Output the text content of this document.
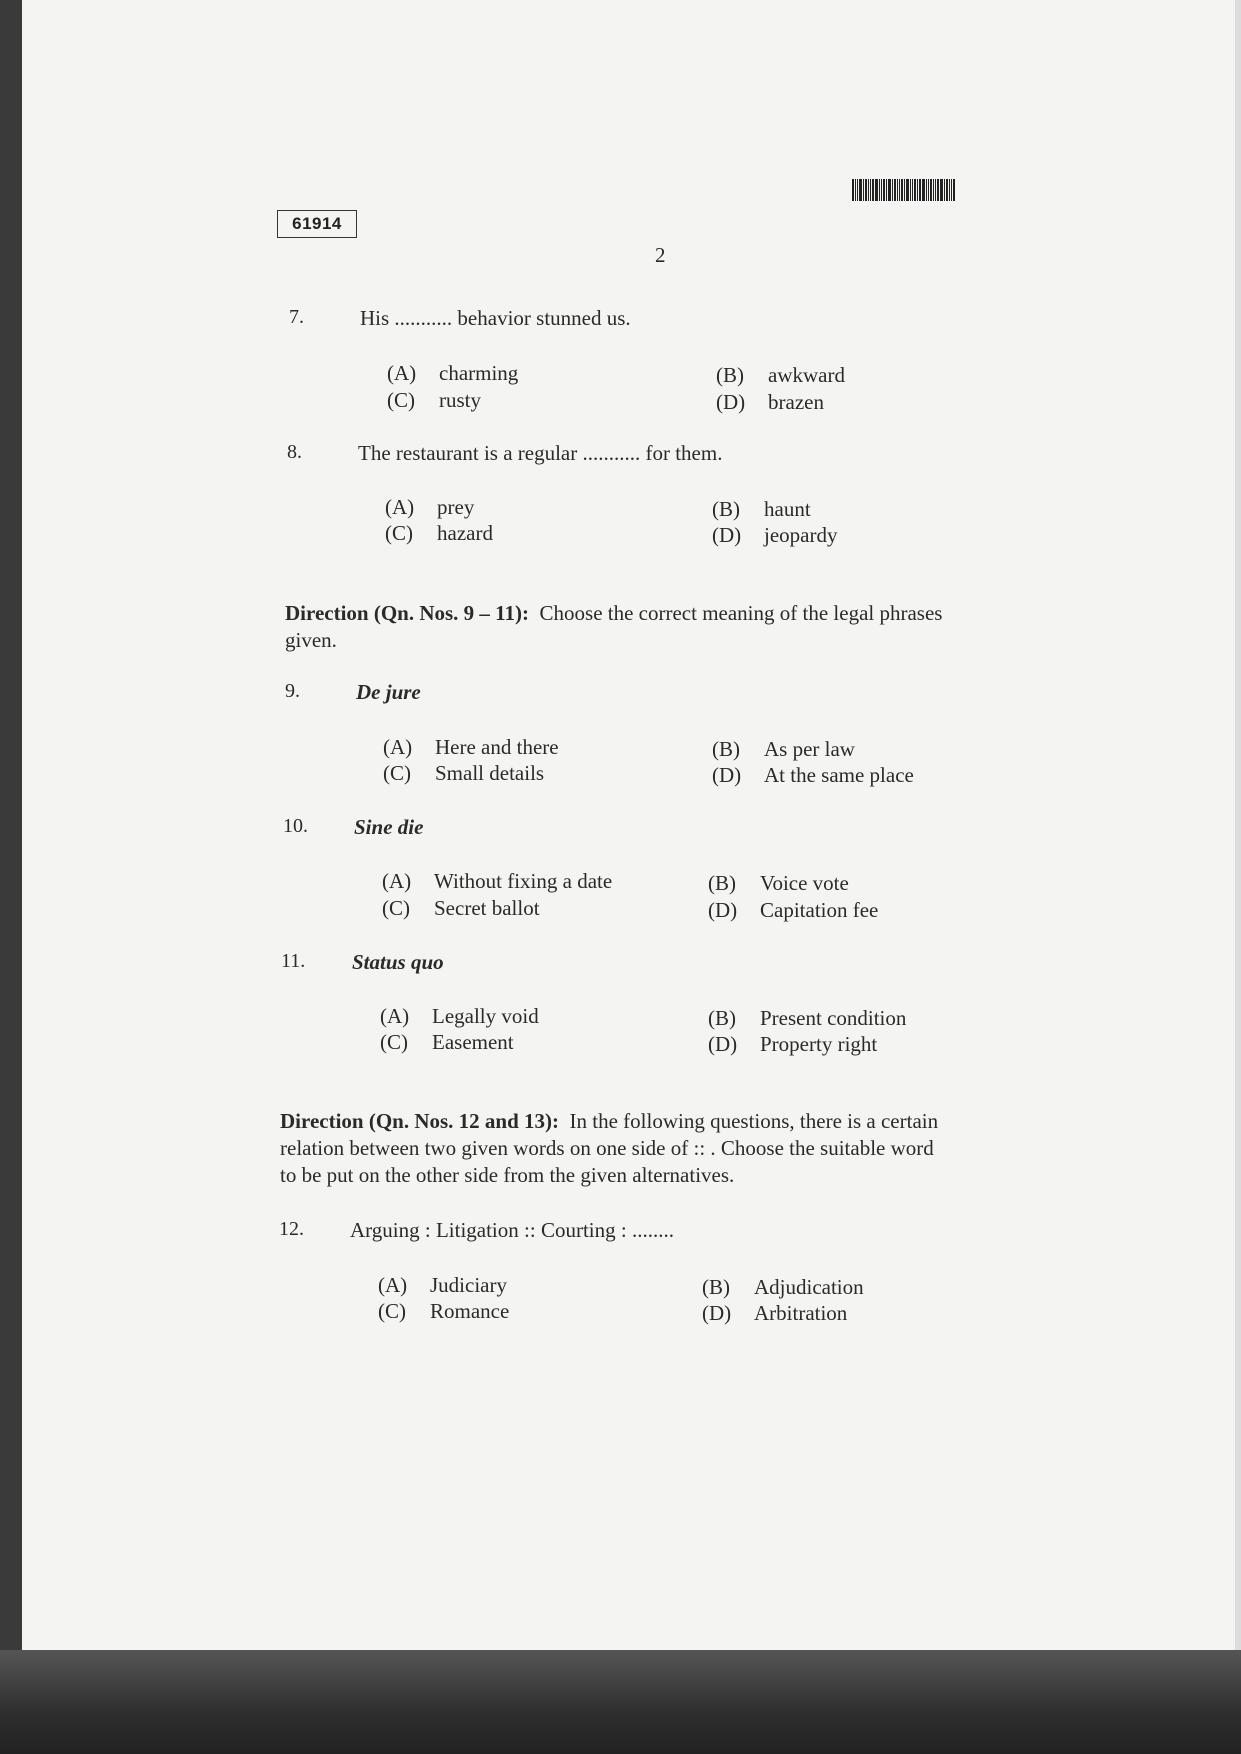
61914
2
7.	His ........... behavior stunned us.
(A) charming	(B) awkward
(C) rusty	(D) brazen
8.	The restaurant is a regular ........... for them.
(A) prey	(B) haunt
(C) hazard	(D) jeopardy
Direction (Qn. Nos. 9 – 11): Choose the correct meaning of the legal phrases
given.
9.	De jure
(A) Here and there	(B) As per law
(C) Small details	(D) At the same place
10. Sine die
(A) Without fixing a date	(B) Voice vote
(C) Secret ballot	(D) Capitation fee
11. Status quo
(A) Legally void	(B) Present condition
(C) Easement	(D) Property right
Direction (Qn. Nos. 12 and 13): In the following questions, there is a certain
relation between two given words on one side of :: . Choose the suitable word
to be put on the other side from the given alternatives.
12. Arguing : Litigation :: Courting : ........
(A) Judiciary	(B) Adjudication
(C) Romance	(D) Arbitration
